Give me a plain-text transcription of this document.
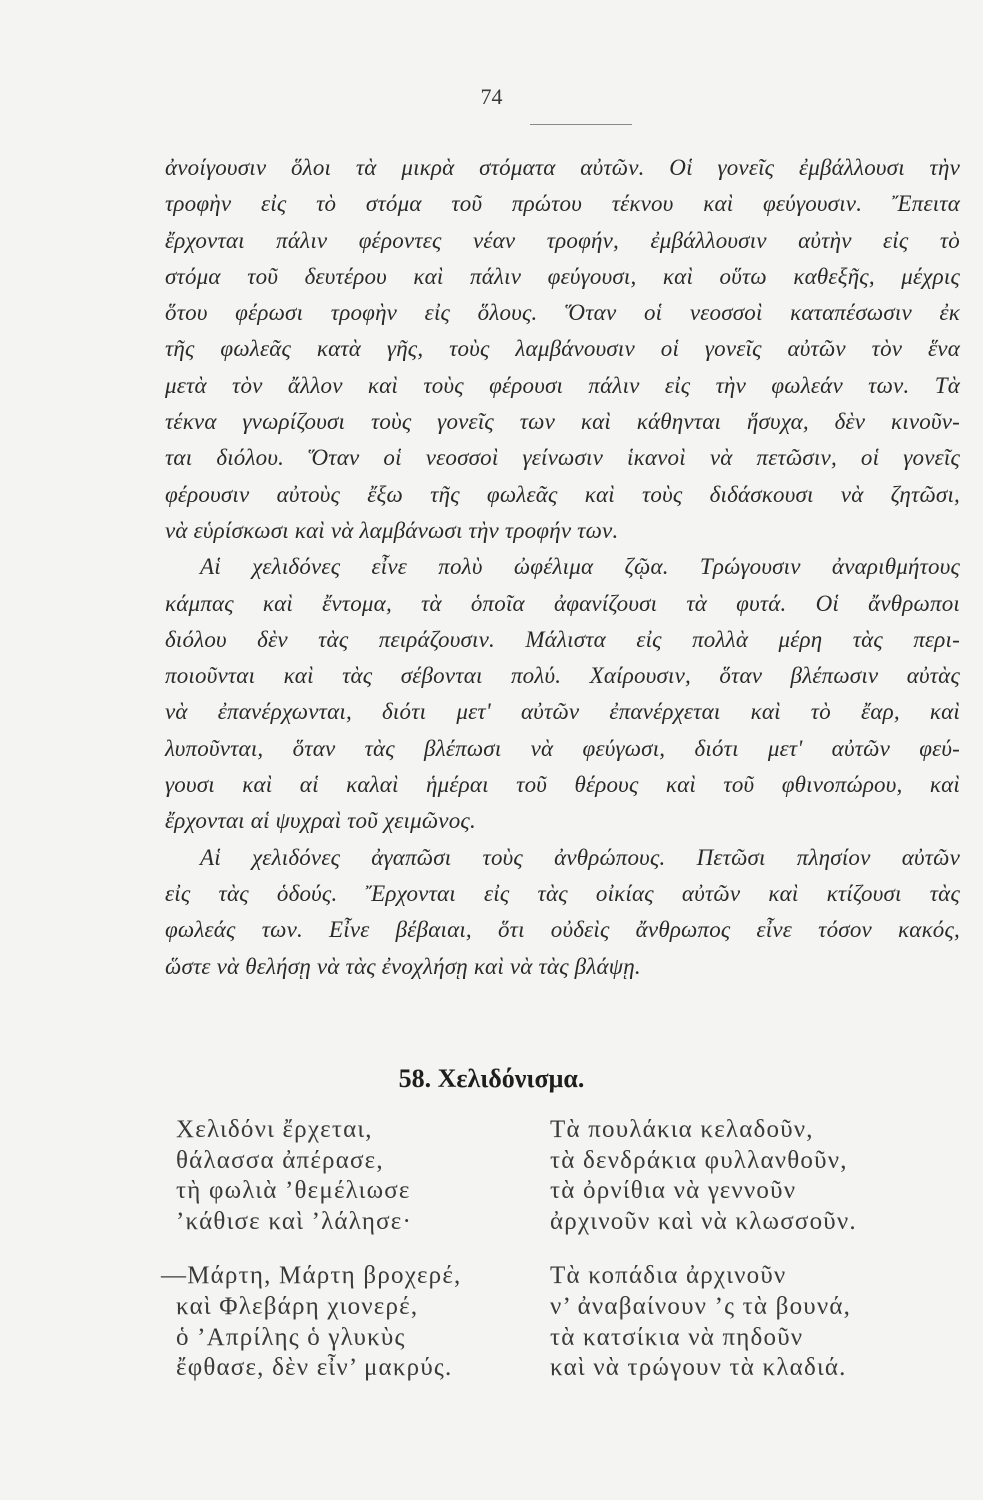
74
ἀνοίγουσιν ὅλοι τὰ μικρὰ στόματα αὐτῶν. Οἱ γονεῖς ἐμβάλλουσι τὴν
τροφὴν εἰς τὸ στόμα τοῦ πρώτου τέκνου καὶ φεύγουσιν. Ἔπειτα
ἔρχονται πάλιν φέροντες νέαν τροφήν, ἐμβάλλουσιν αὐτὴν εἰς τὸ
στόμα τοῦ δευτέρου καὶ πάλιν φεύγουσι, καὶ οὕτω καθεξῆς, μέχρις
ὅτου φέρωσι τροφὴν εἰς ὅλους. Ὅταν οἱ νεοσσοὶ καταπέσωσιν ἐκ
τῆς φωλεᾶς κατὰ γῆς, τοὺς λαμβάνουσιν οἱ γονεῖς αὐτῶν τὸν ἕνα
μετὰ τὸν ἄλλον καὶ τοὺς φέρουσι πάλιν εἰς τὴν φωλεάν των. Τὰ
τέκνα γνωρίζουσι τοὺς γονεῖς των καὶ κάθηνται ἥσυχα, δὲν κινοῦν-
ται διόλου. Ὅταν οἱ νεοσσοὶ γείνωσιν ἱκανοὶ νὰ πετῶσιν, οἱ γονεῖς
φέρουσιν αὐτοὺς ἔξω τῆς φωλεᾶς καὶ τοὺς διδάσκουσι νὰ ζητῶσι,
νὰ εὑρίσκωσι καὶ νὰ λαμβάνωσι τὴν τροφήν των.
Αἱ χελιδόνες εἶνε πολὺ ὠφέλιμα ζῷα. Τρώγουσιν ἀναριθμήτους
κάμπας καὶ ἔντομα, τὰ ὁποῖα ἀφανίζουσι τὰ φυτά. Οἱ ἄνθρωποι
διόλου δὲν τὰς πειράζουσιν. Μάλιστα εἰς πολλὰ μέρη τὰς περι-
ποιοῦνται καὶ τὰς σέβονται πολύ. Χαίρουσιν, ὅταν βλέπωσιν αὐτὰς
νὰ ἐπανέρχωνται, διότι μετ' αὐτῶν ἐπανέρχεται καὶ τὸ ἔαρ, καὶ
λυποῦνται, ὅταν τὰς βλέπωσι νὰ φεύγωσι, διότι μετ' αὐτῶν φεύ-
γουσι καὶ αἱ καλαὶ ἡμέραι τοῦ θέρους καὶ τοῦ φθινοπώρου, καὶ
ἔρχονται αἱ ψυχραὶ τοῦ χειμῶνος.
Αἱ χελιδόνες ἀγαπῶσι τοὺς ἀνθρώπους. Πετῶσι πλησίον αὐτῶν
εἰς τὰς ὁδούς. Ἔρχονται εἰς τὰς οἰκίας αὐτῶν καὶ κτίζουσι τὰς
φωλεάς των. Εἶνε βέβαιαι, ὅτι οὐδεὶς ἄνθρωπος εἶνε τόσον κακός,
ὥστε νὰ θελήσῃ νὰ τὰς ἐνοχλήσῃ καὶ νὰ τὰς βλάψῃ.
58. Χελιδόνισμα.
Χελιδόνι ἔρχεται,
θάλασσα ἀπέρασε,
τὴ φωλιὰ ’θεμέλιωσε
’κάθισε καὶ ’λάλησε·
—Μάρτη, Μάρτη βροχερέ,
καὶ Φλεβάρη χιονερέ,
ὁ ’Απρίλης ὁ γλυκὺς
ἔφθασε, δὲν εἶν’ μακρύς.
Τὰ πουλάκια κελαδοῦν,
τὰ δενδράκια φυλλανθοῦν,
τὰ ὀρνίθια νὰ γεννοῦν
ἀρχινοῦν καὶ νὰ κλωσσοῦν.
Τὰ κοπάδια ἀρχινοῦν
ν’ ἀναβαίνουν ’ς τὰ βουνά,
τὰ κατσίκια νὰ πηδοῦν
καὶ νὰ τρώγουν τὰ κλαδιά.
